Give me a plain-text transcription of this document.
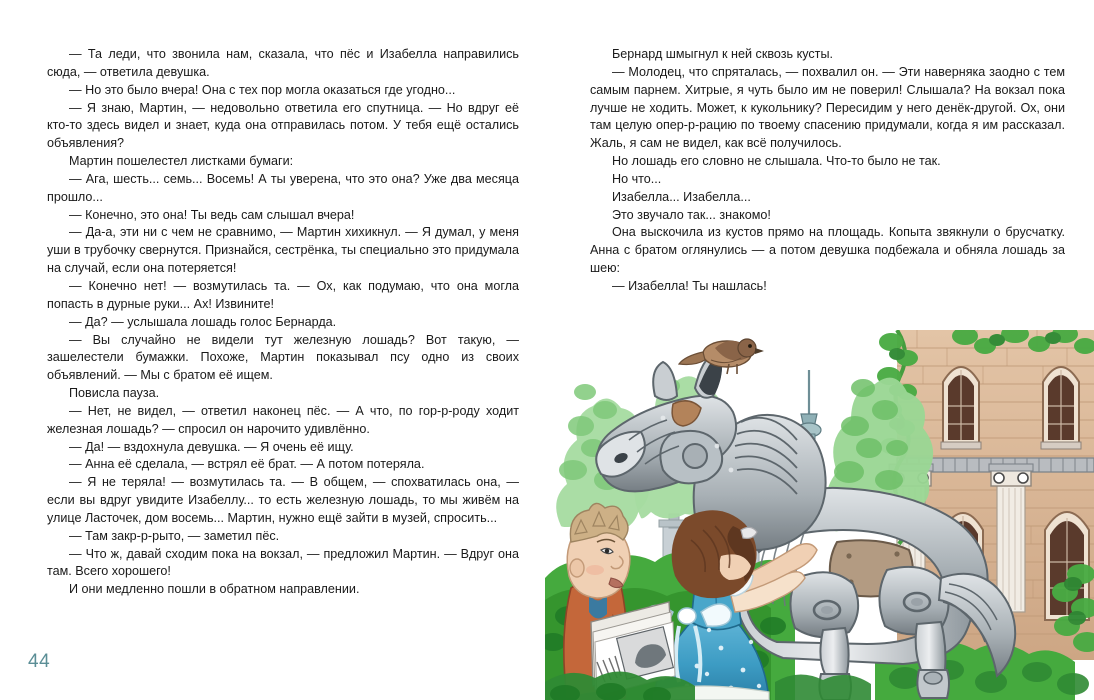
— Та леди, что звонила нам, сказала, что пёс и Изабелла направились сюда, — ответила девушка.

— Но это было вчера! Она с тех пор могла оказаться где угодно...

— Я знаю, Мартин, — недовольно ответила его спутница. — Но вдруг её кто-то здесь видел и знает, куда она отправилась потом. У тебя ещё остались объявления?

Мартин пошелестел листками бумаги:

— Ага, шесть... семь... Восемь! А ты уверена, что это она? Уже два месяца прошло...

— Конечно, это она! Ты ведь сам слышал вчера!

— Да-а, эти ни с чем не сравнимо, — Мартин хихикнул. — Я думал, у меня уши в трубочку свернутся. Признайся, сестрёнка, ты специально это придумала на случай, если она потеряется!

— Конечно нет! — возмутилась та. — Ох, как подумаю, что она могла попасть в дурные руки... Ах! Извините!

— Да? — услышала лошадь голос Бернарда.

— Вы случайно не видели тут железную лошадь? Вот такую, — зашелестели бумажки. Похоже, Мартин показывал псу одно из своих объявлений. — Мы с братом её ищем.

Повисла пауза.

— Нет, не видел, — ответил наконец пёс. — А что, по гор-р-роду ходит железная лошадь? — спросил он нарочито удивлённо.

— Да! — вздохнула девушка. — Я очень её ищу.

— Анна её сделала, — встрял её брат. — А потом потеряла.

— Я не теряла! — возмутилась та. — В общем, — спохватилась она, — если вы вдруг увидите Изабеллу... то есть железную лошадь, то мы живём на улице Ласточек, дом восемь... Мартин, нужно ещё зайти в музей, спросить...

— Там закр-р-рыто, — заметил пёс.

— Что ж, давай сходим пока на вокзал, — предложил Мартин. — Вдруг она там. Всего хорошего!

И они медленно пошли в обратном направлении.

Бернард шмыгнул к ней сквозь кусты.

— Молодец, что спряталась, — похвалил он. — Эти наверняка заодно с тем самым парнем. Хитрые, я чуть было им не поверил! Слышала? На вокзал пока лучше не ходить. Может, к кукольнику? Пересидим у него денёк-другой. Ох, они там целую опер-р-рацию по твоему спасению придумали, когда я им рассказал. Жаль, я сам не видел, как всё получилось.

Но лошадь его словно не слышала. Что-то было не так.

Но что...

Изабелла... Изабелла...

Это звучало так... знакомо!

Она выскочила из кустов прямо на площадь. Копыта звякнули о брусчатку. Анна с братом оглянулись — а потом девушка подбежала и обняла лошадь за шею:

— Изабелла! Ты нашлась!

44
